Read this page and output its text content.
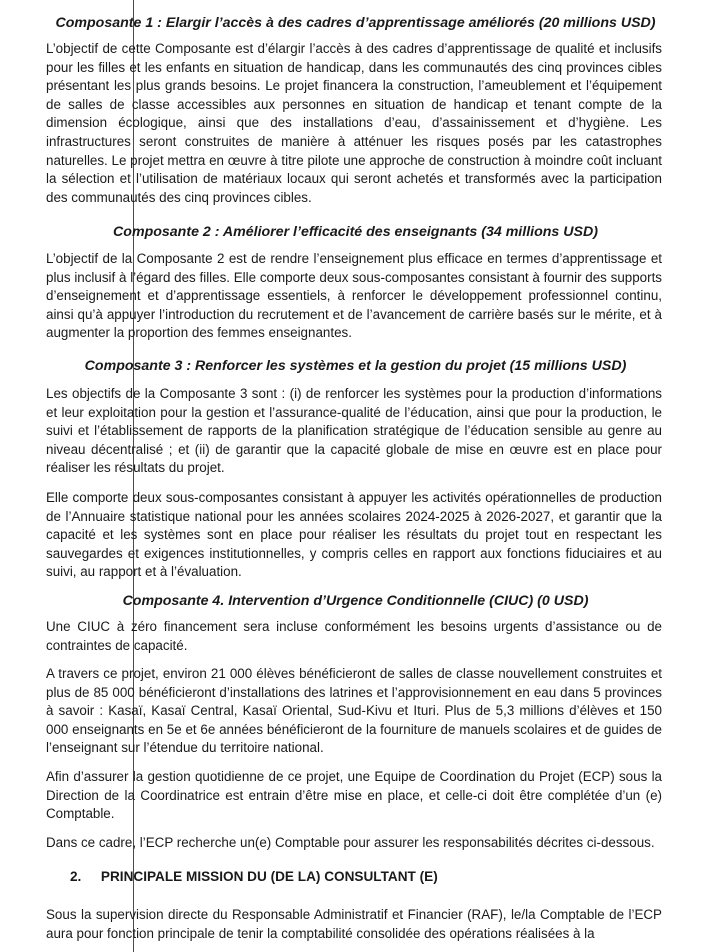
Composante 1 : Elargir l’accès à des cadres d’apprentissage améliorés (20 millions USD)
L’objectif de cette Composante est d’élargir l’accès à des cadres d’apprentissage de qualité et inclusifs pour les filles et les enfants en situation de handicap, dans les communautés des cinq provinces cibles présentant les plus grands besoins. Le projet financera la construction, l’ameublement et l’équipement de salles de classe accessibles aux personnes en situation de handicap et tenant compte de la dimension écologique, ainsi que des installations d’eau, d’assainissement et d’hygiène. Les infrastructures seront construites de manière à atténuer les risques posés par les catastrophes naturelles. Le projet mettra en œuvre à titre pilote une approche de construction à moindre coût incluant la sélection et l’utilisation de matériaux locaux qui seront achetés et transformés avec la participation des communautés des cinq provinces cibles.
Composante 2 : Améliorer l’efficacité des enseignants (34 millions USD)
L’objectif de la Composante 2 est de rendre l’enseignement plus efficace en termes d’apprentissage et plus inclusif à l’égard des filles. Elle comporte deux sous-composantes consistant à fournir des supports d’enseignement et d’apprentissage essentiels, à renforcer le développement professionnel continu, ainsi qu’à appuyer l’introduction du recrutement et de l’avancement de carrière basés sur le mérite, et à augmenter la proportion des femmes enseignantes.
Composante 3 : Renforcer les systèmes et la gestion du projet (15 millions USD)
Les objectifs de la Composante 3 sont : (i) de renforcer les systèmes pour la production d’informations et leur exploitation pour la gestion et l’assurance-qualité de l’éducation, ainsi que pour la production, le suivi et l’établissement de rapports de la planification stratégique de l’éducation sensible au genre au niveau décentralisé ; et (ii) de garantir que la capacité globale de mise en œuvre est en place pour réaliser les résultats du projet.
Elle comporte deux sous-composantes consistant à appuyer les activités opérationnelles de production de l’Annuaire statistique national pour les années scolaires 2024-2025 à 2026-2027, et garantir que la capacité et les systèmes sont en place pour réaliser les résultats du projet tout en respectant les sauvegardes et exigences institutionnelles, y compris celles en rapport aux fonctions fiduciaires et au suivi, au rapport et à l’évaluation.
Composante 4. Intervention d’Urgence Conditionnelle (CIUC) (0 USD)
Une CIUC à zéro financement sera incluse conformément les besoins urgents d’assistance ou de contraintes de capacité.
A travers ce projet, environ 21 000 élèves bénéficieront de salles de classe nouvellement construites et plus de 85 000 bénéficieront d’installations des latrines et l’approvisionnement en eau dans 5 provinces à savoir : Kasaï, Kasaï Central, Kasaï Oriental, Sud-Kivu et Ituri. Plus de 5,3 millions d’élèves et 150 000 enseignants en 5e et 6e années bénéficieront de la fourniture de manuels scolaires et de guides de l’enseignant sur l’étendue du territoire national.
Afin d’assurer la gestion quotidienne de ce projet, une Equipe de Coordination du Projet (ECP) sous la Direction de la Coordinatrice est entrain d’être mise en place, et celle-ci doit être complétée d’un (e) Comptable.
Dans ce cadre, l’ECP recherche un(e) Comptable pour assurer les responsabilités décrites ci-dessous.
2. PRINCIPALE MISSION DU (DE LA) CONSULTANT (E)
Sous la supervision directe du Responsable Administratif et Financier (RAF), le/la Comptable de l’ECP aura pour fonction principale de tenir la comptabilité consolidée des opérations réalisées à la
